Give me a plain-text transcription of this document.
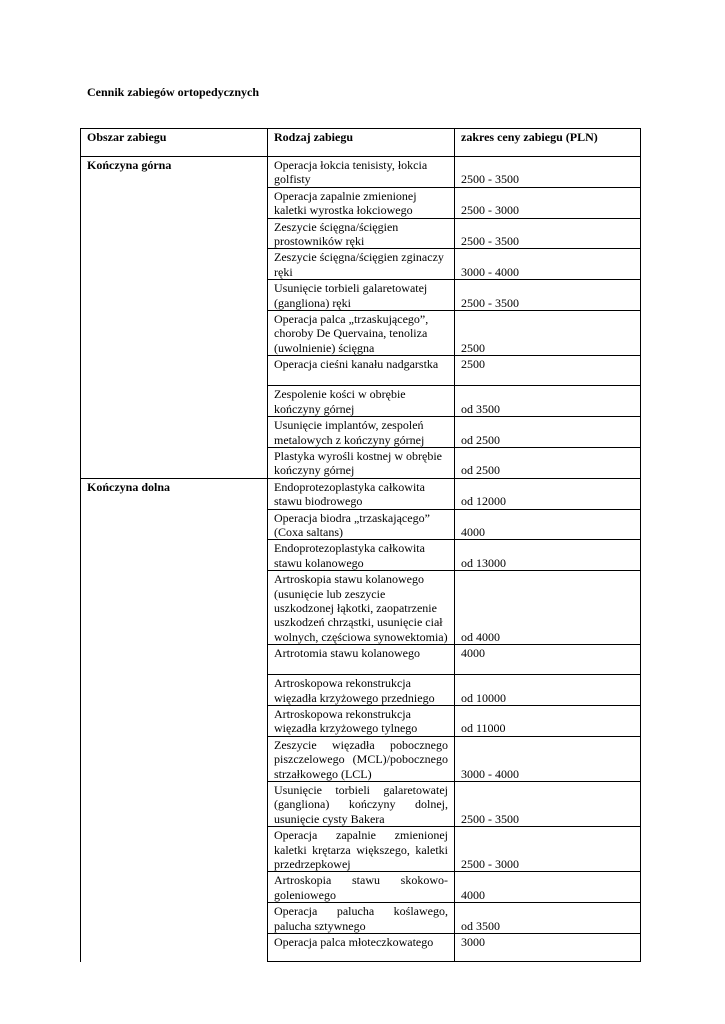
Cennik zabiegów ortopedycznych
Obszar zabiegu	Rodzaj zabiegu	zakres ceny zabiegu (PLN)
Kończyna górna	Operacja łokcia tenisisty, łokcia golfisty	2500 - 3500
	Operacja zapalnie zmienionej kaletki wyrostka łokciowego	2500 - 3000
	Zeszycie ścięgna/ścięgien prostowników ręki	2500 - 3500
	Zeszycie ścięgna/ścięgien zginaczy ręki	3000 - 4000
	Usunięcie torbieli galaretowatej (gangliona) ręki	2500 - 3500
	Operacja palca „trzaskującego”, choroby De Quervaina, tenoliza (uwolnienie) ścięgna	2500
	Operacja cieśni kanału nadgarstka	2500
	Zespolenie kości w obrębie kończyny górnej	od 3500
	Usunięcie implantów, zespoleń metalowych z kończyny górnej	od 2500
	Plastyka wyrośli kostnej w obrębie kończyny górnej	od 2500
Kończyna dolna	Endoprotezoplastyka całkowita stawu biodrowego	od 12000
	Operacja biodra „trzaskającego” (Coxa saltans)	4000
	Endoprotezoplastyka całkowita stawu kolanowego	od 13000
	Artroskopia stawu kolanowego (usunięcie lub zeszycie uszkodzonej łąkotki, zaopatrzenie uszkodzeń chrząstki, usunięcie ciał wolnych, częściowa synowektomia)	od 4000
	Artrotomia stawu kolanowego	4000
	Artroskopowa rekonstrukcja więzadła krzyżowego przedniego	od 10000
	Artroskopowa rekonstrukcja więzadła krzyżowego tylnego	od 11000
	Zeszycie więzadła pobocznego piszczelowego (MCL)/pobocznego strzałkowego (LCL)	3000 - 4000
	Usunięcie torbieli galaretowatej (gangliona) kończyny dolnej, usunięcie cysty Bakera	2500 - 3500
	Operacja zapalnie zmienionej kaletki krętarza większego, kaletki przedrzepkowej	2500 - 3000
	Artroskopia stawu skokowo-goleniowego	4000
	Operacja palucha koślawego, palucha sztywnego	od 3500
	Operacja palca młoteczkowatego	3000
